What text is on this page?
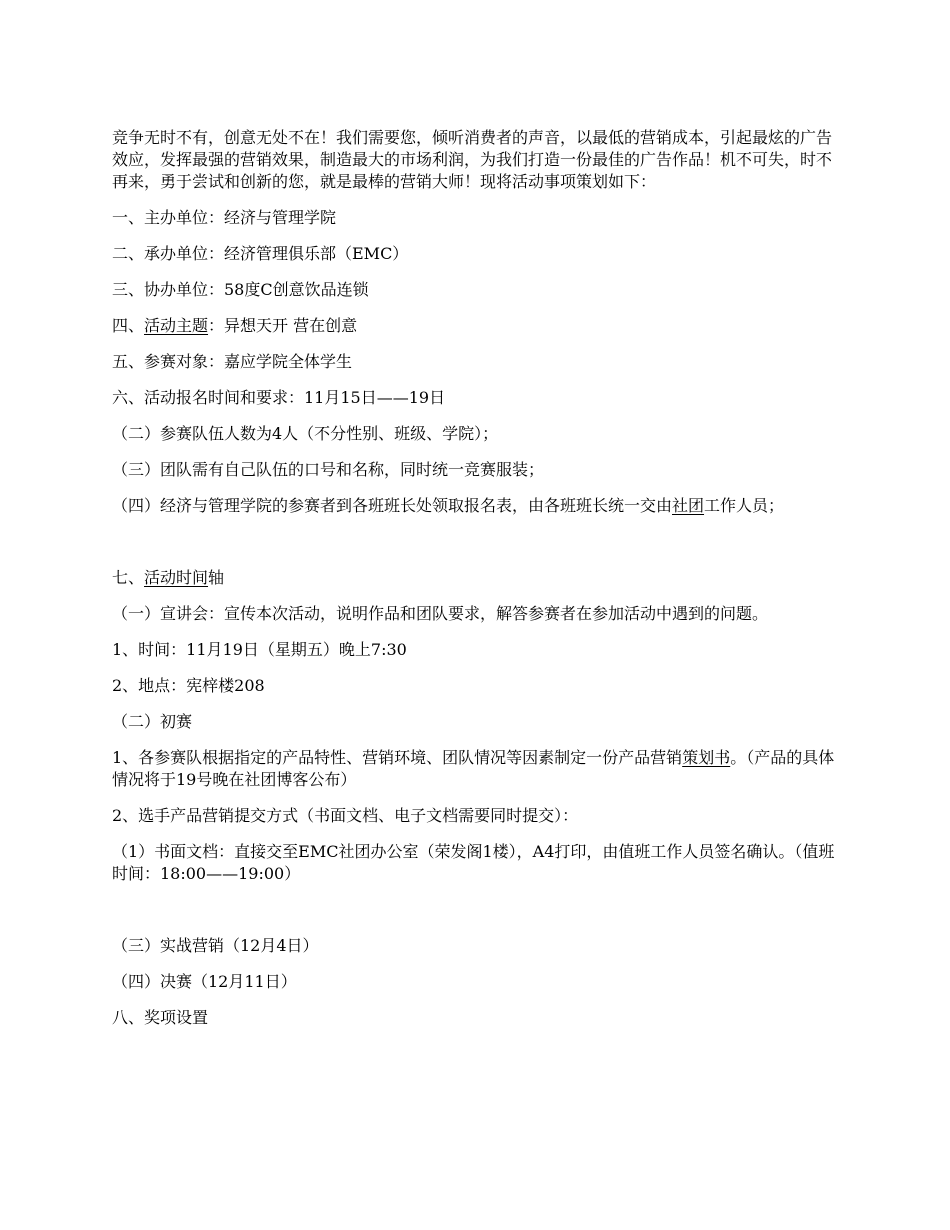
竞争无时不有，创意无处不在！我们需要您，倾听消费者的声音，以最低的营销成本，引起最炫的广告效应，发挥最强的营销效果，制造最大的市场利润，为我们打造一份最佳的广告作品！机不可失，时不再来，勇于尝试和创新的您，就是最棒的营销大师！现将活动事项策划如下：

一、主办单位：经济与管理学院

二、承办单位：经济管理俱乐部（EMC）

三、协办单位：58度C创意饮品连锁

四、活动主题：异想天开 营在创意

五、参赛对象：嘉应学院全体学生

六、活动报名时间和要求：11月15日——19日

（二）参赛队伍人数为4人（不分性别、班级、学院）；

（三）团队需有自己队伍的口号和名称，同时统一竞赛服装；

（四）经济与管理学院的参赛者到各班班长处领取报名表，由各班班长统一交由社团工作人员；

七、活动时间轴

（一）宣讲会：宣传本次活动，说明作品和团队要求，解答参赛者在参加活动中遇到的问题。

1、时间：11月19日（星期五）晚上7:30

2、地点：宪梓楼208

（二）初赛

1、各参赛队根据指定的产品特性、营销环境、团队情况等因素制定一份产品营销策划书。（产品的具体情况将于19号晚在社团博客公布）

2、选手产品营销提交方式（书面文档、电子文档需要同时提交）：

（1）书面文档：直接交至EMC社团办公室（荣发阁1楼），A4打印，由值班工作人员签名确认。（值班时间：18:00——19:00）

（三）实战营销（12月4日）

（四）决赛（12月11日）

八、奖项设置
